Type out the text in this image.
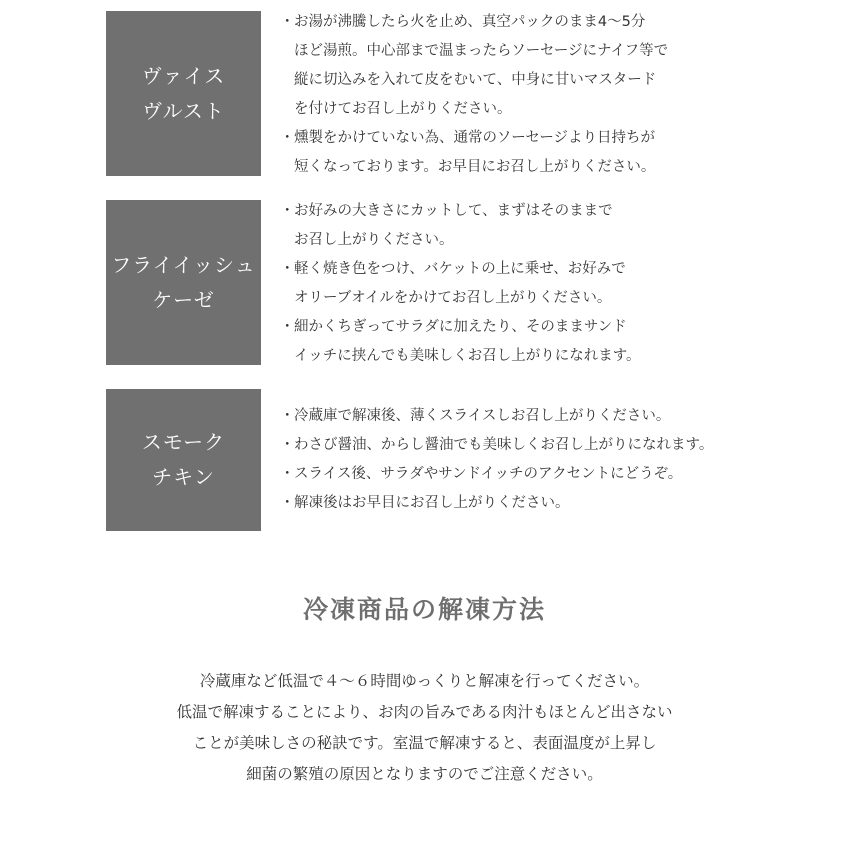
ヴァイス
ヴルスト
・ お湯が沸騰したら火を止め、真空パックのまま4〜5分
ほど湯煎。中心部まで温まったらソーセージにナイフ等で
縦に切込みを入れて皮をむいて、中身に甘いマスタード
を付けてお召し上がりください。
・ 燻製をかけていない為、通常のソーセージより日持ちが
短くなっております。お早目にお召し上がりください。
フライイッシュ
ケーゼ
・ お好みの大きさにカットして、まずはそのままで
お召し上がりください。
・ 軽く焼き色をつけ、バケットの上に乗せ、お好みで
オリーブオイルをかけてお召し上がりください。
・ 細かくちぎってサラダに加えたり、そのままサンド
イッチに挟んでも美味しくお召し上がりになれます。
スモーク
チキン
・ 冷蔵庫で解凍後、薄くスライスしお召し上がりください。
・ わさび醤油、からし醤油でも美味しくお召し上がりになれます。
・ スライス後、サラダやサンドイッチのアクセントにどうぞ。
・ 解凍後はお早目にお召し上がりください。
冷凍商品の解凍方法
冷蔵庫など低温で４〜６時間ゆっくりと解凍を行ってください。
低温で解凍することにより、お肉の旨みである肉汁もほとんど出さない
ことが美味しさの秘訣です。室温で解凍すると、表面温度が上昇し
細菌の繁殖の原因となりますのでご注意ください。
